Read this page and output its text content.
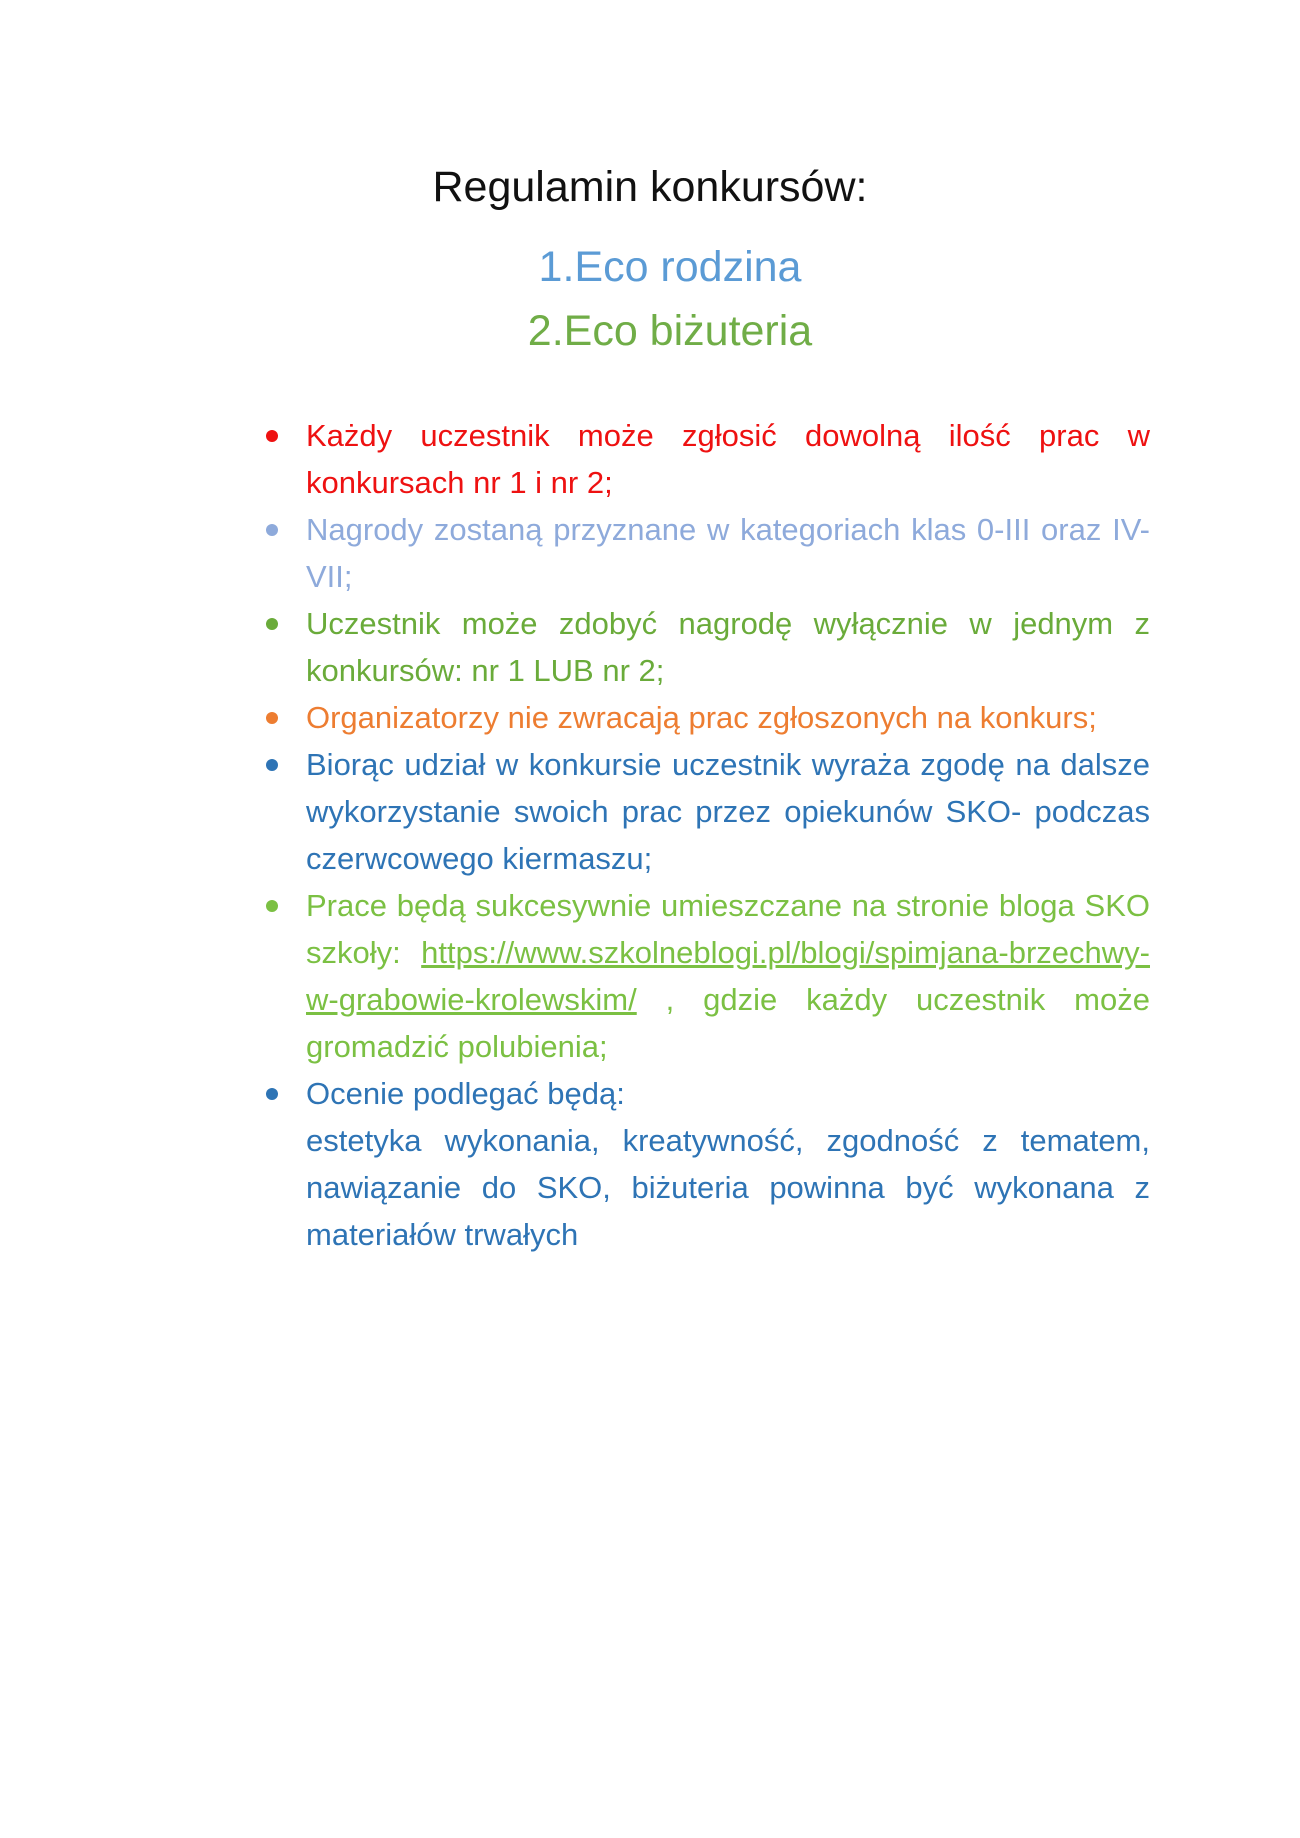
Regulamin konkursów:
1.Eco rodzina
2.Eco biżuteria
Każdy uczestnik może zgłosić dowolną ilość prac w konkursach nr 1 i nr 2;
Nagrody zostaną przyznane w kategoriach klas 0-III oraz IV-VII;
Uczestnik może zdobyć nagrodę wyłącznie w jednym z konkursów: nr 1 LUB nr 2;
Organizatorzy nie zwracają prac zgłoszonych na konkurs;
Biorąc udział w konkursie uczestnik wyraża zgodę na dalsze wykorzystanie swoich prac przez opiekunów SKO- podczas czerwcowego kiermaszu;
Prace będą sukcesywnie umieszczane na stronie bloga SKO szkoły: https://www.szkolneblogi.pl/blogi/spimjana-brzechwy-w-grabowie-krolewskim/ , gdzie każdy uczestnik może gromadzić polubienia;
Ocenie podlegać będą:
estetyka wykonania, kreatywność, zgodność z tematem, nawiązanie do SKO, biżuteria powinna być wykonana z materiałów trwałych
